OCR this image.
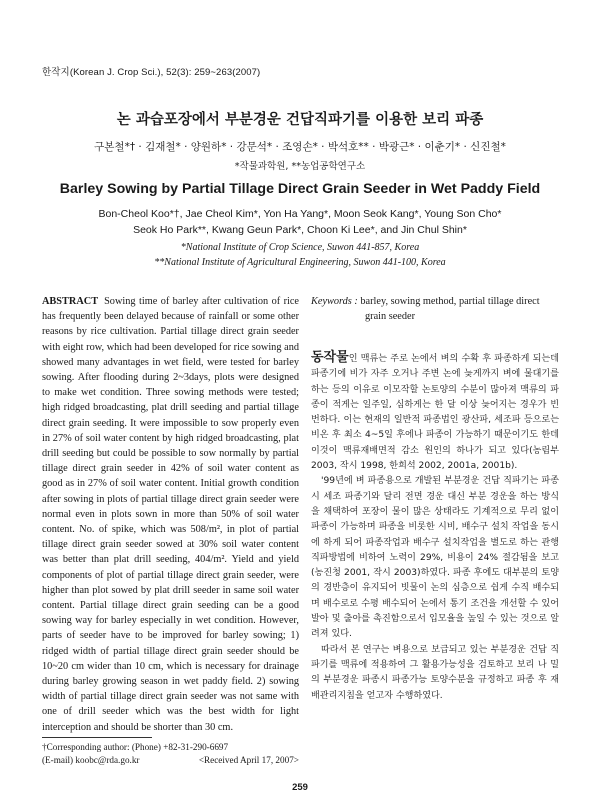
한작지(Korean J. Crop Sci.), 52(3): 259~263(2007)
논 과습포장에서 부분경운 건답직파기를 이용한 보리 파종
구본철*† · 김재철* · 양원하* · 강문석* · 조영손* · 박석호** · 박광근* · 이춘기* · 신진철*
*작물과학원, **농업공학연구소
Barley Sowing by Partial Tillage Direct Grain Seeder in Wet Paddy Field
Bon-Cheol Koo*†, Jae Cheol Kim*, Yon Ha Yang*, Moon Seok Kang*, Young Son Cho*
Seok Ho Park**, Kwang Geun Park*, Choon Ki Lee*, and Jin Chul Shin*
*National Institute of Crop Science, Suwon 441-857, Korea
**National Institute of Agricultural Engineering, Suwon 441-100, Korea
ABSTRACT Sowing time of barley after cultivation of rice has frequently been delayed because of rainfall or some other reasons by rice cultivation. Partial tillage direct grain seeder with eight row, which had been developed for rice sowing and showed many advantages in wet field, were tested for barley sowing. After flooding during 2~3days, plots were designed to make wet condition. Three sowing methods were tested; high ridged broadcasting, plat drill seeding and partial tillage direct grain seeding. It were impossible to sow properly even in 27% of soil water content by high ridged broadcasting, plat drill seeding but could be possible to sow normally by partial tillage direct grain seeder in 42% of soil water content as good as in 27% of soil water content. Initial growth condition after sowing in plots of partial tillage direct grain seeder were normal even in plots sown in more than 50% of soil water content. No. of spike, which was 508/m², in plot of partial tillage direct grain seeder sowed at 30% soil water content was better than plat drill seeding, 404/m². Yield and yield components of plot of partial tillage direct grain seeder, were higher than plot sowed by plat drill seeder in same soil water content. Partial tillage direct grain seeding can be a good sowing way for barley especially in wet condition. However, parts of seeder have to be improved for barley sowing; 1) ridged width of partial tillage direct grain seeder should be 10~20 cm wider than 10 cm, which is necessary for drainage during barley growing season in wet paddy field. 2) sowing width of partial tillage direct grain seeder was not same with one of drill seeder which was the best width for light interception and should be shorter than 30 cm.
Keywords : barley, sowing method, partial tillage direct
grain seeder

동작물인 맥류는 주로 논에서 벼의 수확 후 파종하게 되는데 파종기에 비가 자주 오거나 주변 논에 늦게까지 벼에 물대기를 하는 등의 이유로 이모작할 논토양의 수분이 많아져 맥류의 파종이 적게는 일주일, 심하게는 한 달 이상 늦어지는 경우가 빈번하다. 이는 현재의 일반적 파종법인 광산파, 세조파 등으로는 비온 후 최소 4~5일 후에나 파종이 가능하기 때문이기도 한데 이것이 맥류재배면적 감소 원인의 하나가 되고 있다(농림부 2003, 작시 1998, 한희석 2002, 2001a, 2001b).

'99년에 벼 파종용으로 개발된 부분경운 건답 직파기는 파종시 세조 파종기와 달리 전면 경운 대신 부분 경운을 하는 방식을 채택하여 포장이 물이 많은 상태라도 기계적으로 무리 없이 파종이 가능하며 파종을 비롯한 시비, 배수구 설치 작업을 동시에 하게 되어 파종작업과 배수구 설치작업을 별도로 하는 관행 직파방법에 비하여 노력이 29%, 비용이 24% 절감됨을 보고(농진청 2001, 작시 2003)하였다. 파종 후에도 대부분의 토양의 경반층이 유지되어 빗물이 논의 심층으로 쉽게 수직 배수되며 배수로로 수평 배수되어 논에서 통기 조건을 개선할 수 있어 발아 및 출아를 촉진함으로서 입모율을 높일 수 있는 것으로 알려져 있다.

따라서 본 연구는 벼용으로 보급되고 있는 부분경운 건답 직파기를 맥류에 적용하여 그 활용가능성을 검토하고 보리 나 밀의 부분경운 파종시 파종가능 토양수분을 규정하고 파종 후 재배관리지침을 얻고자 수행하였다.

†Corresponding author: (Phone) +82-31-290-6697
(E-mail) koobc@rda.go.kr	<Received April 17, 2007>
259
